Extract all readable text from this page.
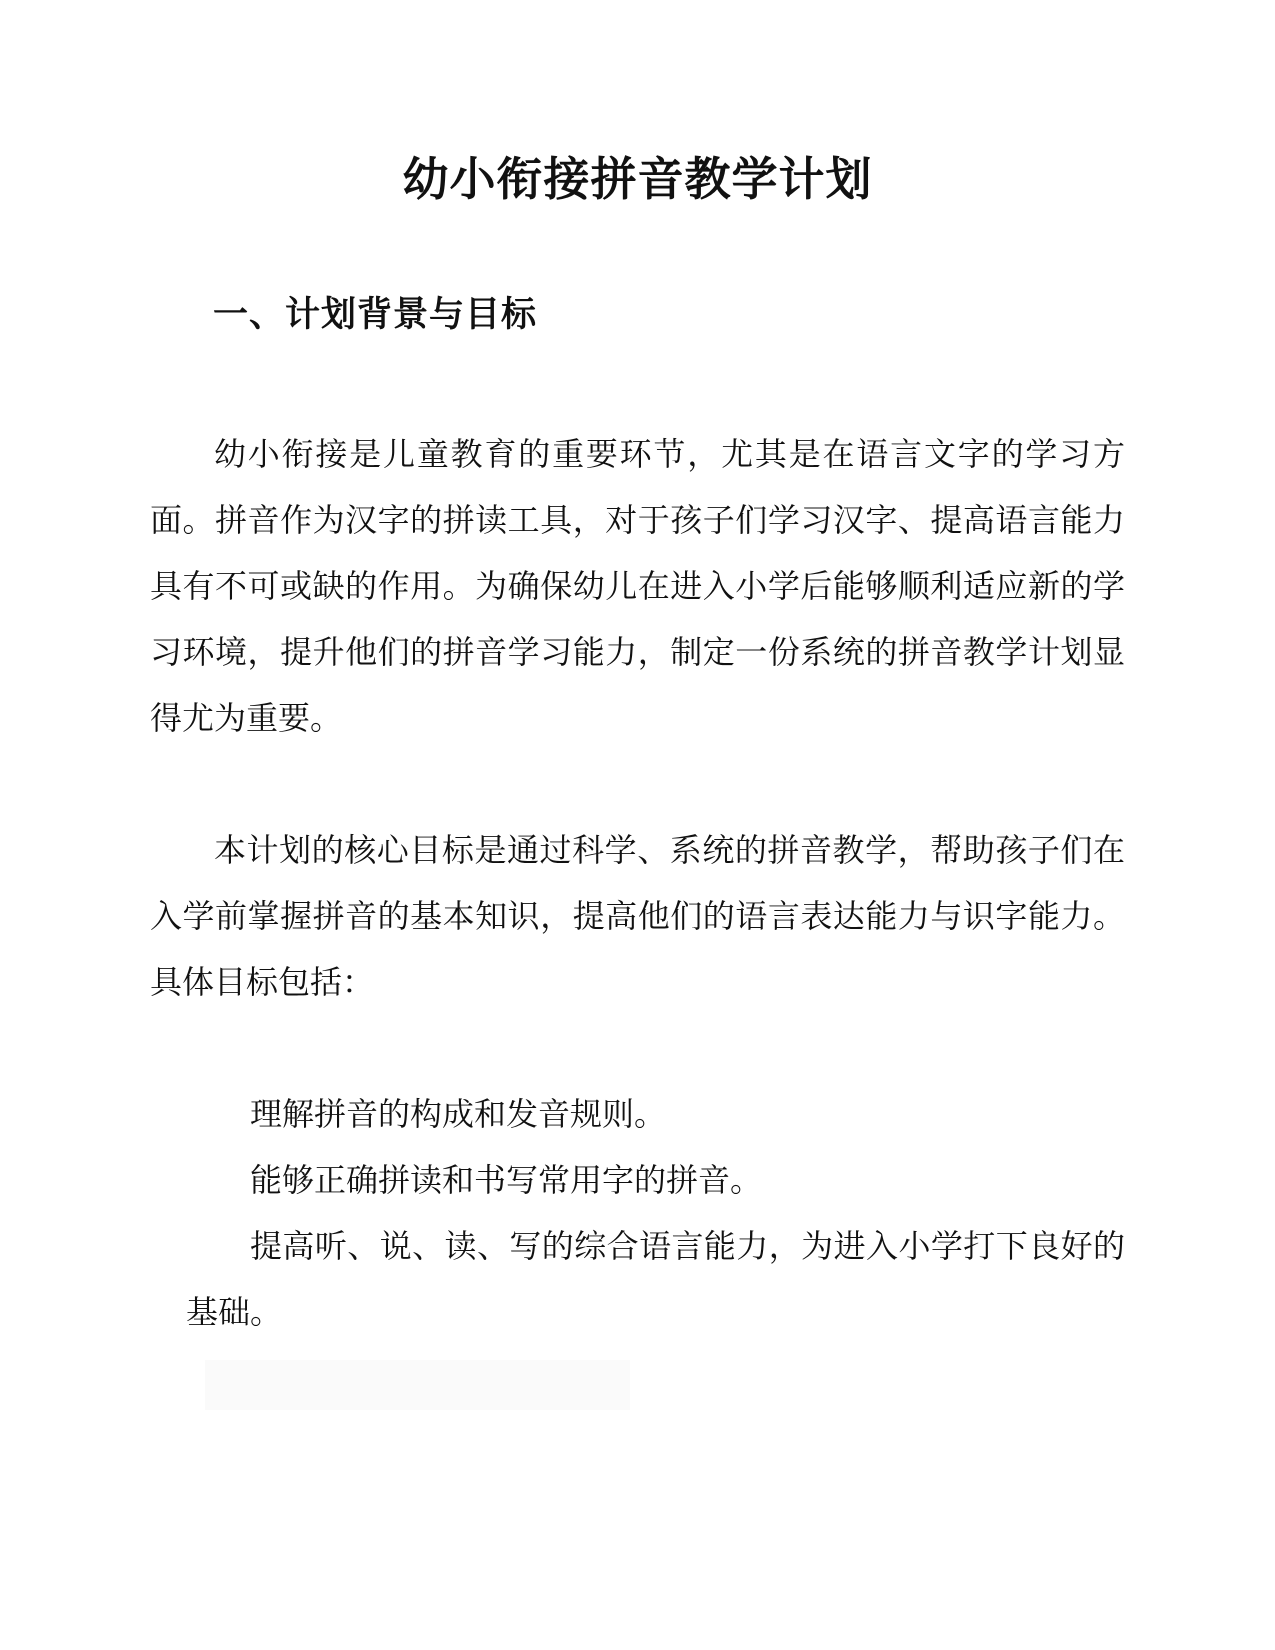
幼小衔接拼音教学计划
一、计划背景与目标

幼小衔接是儿童教育的重要环节，尤其是在语言文字的学习方面。拼音作为汉字的拼读工具，对于孩子们学习汉字、提高语言能力具有不可或缺的作用。为确保幼儿在进入小学后能够顺利适应新的学习环境，提升他们的拼音学习能力，制定一份系统的拼音教学计划显得尤为重要。

本计划的核心目标是通过科学、系统的拼音教学，帮助孩子们在入学前掌握拼音的基本知识，提高他们的语言表达能力与识字能力。具体目标包括：

理解拼音的构成和发音规则。
能够正确拼读和书写常用字的拼音。
提高听、说、读、写的综合语言能力，为进入小学打下良好的基础。
